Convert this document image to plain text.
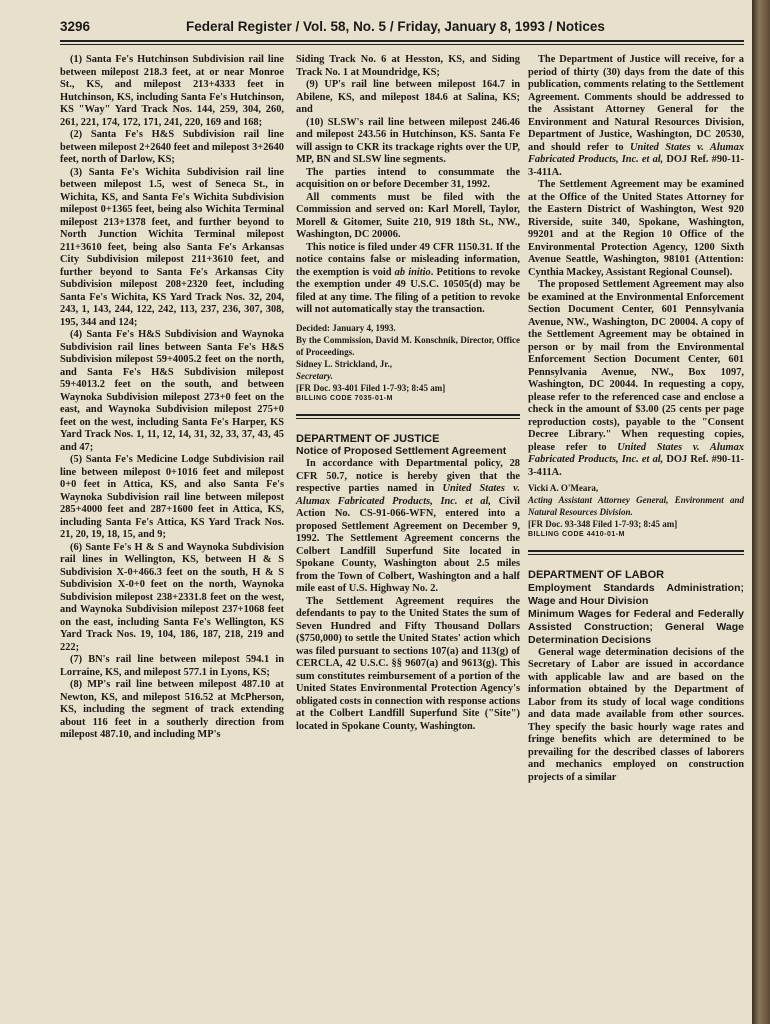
3296	Federal Register / Vol. 58, No. 5 / Friday, January 8, 1993 / Notices

(1) Santa Fe's Hutchinson Subdivision rail line between milepost 218.3 feet, at or near Monroe St., KS, and milepost 213+4333 feet in Hutchinson, KS, including Santa Fe's Hutchinson, KS "Way" Yard Track Nos. 144, 259, 304, 260, 261, 221, 174, 172, 171, 241, 220, 169 and 168;

(2) Santa Fe's H&S Subdivision rail line between milepost 2+2640 feet and milepost 3+2640 feet, north of Darlow, KS;

(3) Santa Fe's Wichita Subdivision rail line between milepost 1.5, west of Seneca St., in Wichita, KS, and Santa Fe's Wichita Subdivision milepost 0+1365 feet, being also Wichita Terminal milepost 213+1378 feet, and further beyond to North Junction Wichita Terminal milepost 211+3610 feet, being also Santa Fe's Arkansas City Subdivision milepost 211+3610 feet, and further beyond to Santa Fe's Arkansas City Subdivision milepost 208+2320 feet, including Santa Fe's Wichita, KS Yard Track Nos. 32, 204, 243, 1, 143, 244, 122, 242, 113, 237, 236, 307, 308, 195, 344 and 124;

(4) Santa Fe's H&S Subdivision and Waynoka Subdivision rail lines between Santa Fe's H&S Subdivision milepost 59+4005.2 feet on the north, and Santa Fe's H&S Subdivision milepost 59+4013.2 feet on the south, and between Waynoka Subdivision milepost 273+0 feet on the east, and Waynoka Subdivision milepost 275+0 feet on the west, including Santa Fe's Harper, KS Yard Track Nos. 1, 11, 12, 14, 31, 32, 33, 37, 43, 45 and 47;

(5) Santa Fe's Medicine Lodge Subdivision rail line between milepost 0+1016 feet and milepost 0+0 feet in Attica, KS, and also Santa Fe's Waynoka Subdivision rail line between milepost 285+4000 feet and 287+1600 feet in Attica, KS, including Santa Fe's Attica, KS Yard Track Nos. 21, 20, 19, 18, 15, and 9;

(6) Sante Fe's H & S and Waynoka Subdivision rail lines in Wellington, KS, between H & S Subdivision X-0+466.3 feet on the south, H & S Subdivision X-0+0 feet on the north, Waynoka Subdivision milepost 238+2331.8 feet on the west, and Waynoka Subdivision milepost 237+1068 feet on the east, including Santa Fe's Wellington, KS Yard Track Nos. 19, 104, 186, 187, 218, 219 and 222;

(7) BN's rail line between milepost 594.1 in Lorraine, KS, and milepost 577.1 in Lyons, KS;

(8) MP's rail line between milepost 487.10 at Newton, KS, and milepost 516.52 at McPherson, KS, including the segment of track extending about 116 feet in a southerly direction from milepost 487.10, and including MP's

Siding Track No. 6 at Hesston, KS, and Siding Track No. 1 at Moundridge, KS;

(9) UP's rail line between milepost 164.7 in Abilene, KS, and milepost 184.6 at Salina, KS; and

(10) SLSW's rail line between milepost 246.46 and milepost 243.56 in Hutchinson, KS. Santa Fe will assign to CKR its trackage rights over the UP, MP, BN and SLSW line segments.

The parties intend to consummate the acquisition on or before December 31, 1992.

All comments must be filed with the Commission and served on: Karl Morell, Taylor, Morell & Gitomer, Suite 210, 919 18th St., NW., Washington, DC 20006.

This notice is filed under 49 CFR 1150.31. If the notice contains false or misleading information, the exemption is void ab initio. Petitions to revoke the exemption under 49 U.S.C. 10505(d) may be filed at any time. The filing of a petition to revoke will not automatically stay the transaction.

Decided: January 4, 1993.

By the Commission, David M. Konschnik, Director, Office of Proceedings.

Sidney L. Strickland, Jr.,

Secretary.

[FR Doc. 93-401 Filed 1-7-93; 8:45 am]

BILLING CODE 7035-01-M

DEPARTMENT OF JUSTICE

Notice of Proposed Settlement Agreement

In accordance with Departmental policy, 28 CFR 50.7, notice is hereby given that the respective parties named in United States v. Alumax Fabricated Products, Inc. et al, Civil Action No. CS-91-066-WFN, entered into a proposed Settlement Agreement on December 9, 1992. The Settlement Agreement concerns the Colbert Landfill Superfund Site located in Spokane County, Washington about 2.5 miles from the Town of Colbert, Washington and a half mile east of U.S. Highway No. 2.

The Settlement Agreement requires the defendants to pay to the United States the sum of Seven Hundred and Fifty Thousand Dollars ($750,000) to settle the United States' action which was filed pursuant to sections 107(a) and 113(g) of CERCLA, 42 U.S.C. §§ 9607(a) and 9613(g). This sum constitutes reimbursement of a portion of the United States Environmental Protection Agency's obligated costs in connection with response actions at the Colbert Landfill Superfund Site ("Site") located in Spokane County, Washington.

The Department of Justice will receive, for a period of thirty (30) days from the date of this publication, comments relating to the Settlement Agreement. Comments should be addressed to the Assistant Attorney General for the Environment and Natural Resources Division, Department of Justice, Washington, DC 20530, and should refer to United States v. Alumax Fabricated Products, Inc. et al, DOJ Ref. #90-11-3-411A.

The Settlement Agreement may be examined at the Office of the United States Attorney for the Eastern District of Washington, West 920 Riverside, suite 340, Spokane, Washington, 99201 and at the Region 10 Office of the Environmental Protection Agency, 1200 Sixth Avenue Seattle, Washington, 98101 (Attention: Cynthia Mackey, Assistant Regional Counsel).

The proposed Settlement Agreement may also be examined at the Environmental Enforcement Section Document Center, 601 Pennsylvania Avenue, NW., Washington, DC 20004. A copy of the Settlement Agreement may be obtained in person or by mail from the Environmental Enforcement Section Document Center, 601 Pennsylvania Avenue, NW., Box 1097, Washington, DC 20044. In requesting a copy, please refer to the referenced case and enclose a check in the amount of $3.00 (25 cents per page reproduction costs), payable to the "Consent Decree Library." When requesting copies, please refer to United States v. Alumax Fabricated Products, Inc. et al, DOJ Ref. #90-11-3-411A.

Vicki A. O'Meara,

Acting Assistant Attorney General, Environment and Natural Resources Division.

[FR Doc. 93-348 Filed 1-7-93; 8:45 am]

BILLING CODE 4410-01-M

DEPARTMENT OF LABOR

Employment Standards Administration; Wage and Hour Division

Minimum Wages for Federal and Federally Assisted Construction; General Wage Determination Decisions

General wage determination decisions of the Secretary of Labor are issued in accordance with applicable law and are based on the information obtained by the Department of Labor from its study of local wage conditions and data made available from other sources. They specify the basic hourly wage rates and fringe benefits which are determined to be prevailing for the described classes of laborers and mechanics employed on construction projects of a similar
